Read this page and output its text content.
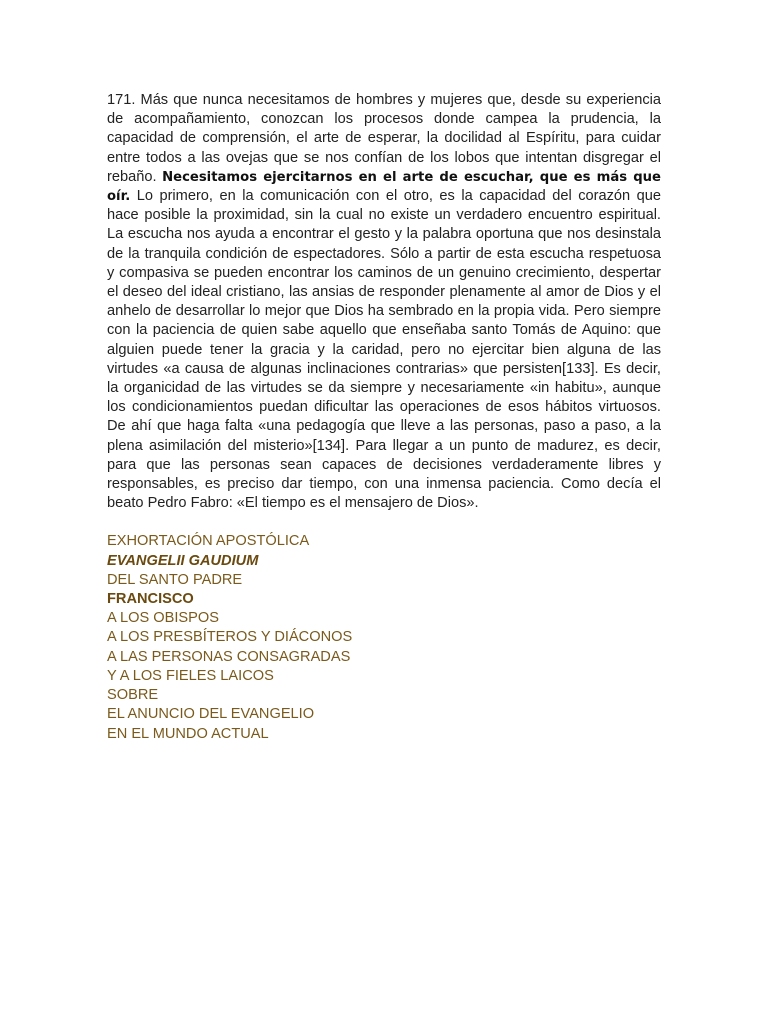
171. Más que nunca necesitamos de hombres y mujeres que, desde su experiencia de acompañamiento, conozcan los procesos donde campea la prudencia, la capacidad de comprensión, el arte de esperar, la docilidad al Espíritu, para cuidar entre todos a las ovejas que se nos confían de los lobos que intentan disgregar el rebaño. Necesitamos ejercitarnos en el arte de escuchar, que es más que oír. Lo primero, en la comunicación con el otro, es la capacidad del corazón que hace posible la proximidad, sin la cual no existe un verdadero encuentro espiritual. La escucha nos ayuda a encontrar el gesto y la palabra oportuna que nos desinstala de la tranquila condición de espectadores. Sólo a partir de esta escucha respetuosa y compasiva se pueden encontrar los caminos de un genuino crecimiento, despertar el deseo del ideal cristiano, las ansias de responder plenamente al amor de Dios y el anhelo de desarrollar lo mejor que Dios ha sembrado en la propia vida. Pero siempre con la paciencia de quien sabe aquello que enseñaba santo Tomás de Aquino: que alguien puede tener la gracia y la caridad, pero no ejercitar bien alguna de las virtudes «a causa de algunas inclinaciones contrarias» que persisten[133]. Es decir, la organicidad de las virtudes se da siempre y necesariamente «in habitu», aunque los condicionamientos puedan dificultar las operaciones de esos hábitos virtuosos. De ahí que haga falta «una pedagogía que lleve a las personas, paso a paso, a la plena asimilación del misterio»[134]. Para llegar a un punto de madurez, es decir, para que las personas sean capaces de decisiones verdaderamente libres y responsables, es preciso dar tiempo, con una inmensa paciencia. Como decía el beato Pedro Fabro: «El tiempo es el mensajero de Dios».

EXHORTACIÓN APOSTÓLICA
EVANGELII GAUDIUM
DEL SANTO PADRE
FRANCISCO
A LOS OBISPOS
A LOS PRESBÍTEROS Y DIÁCONOS
A LAS PERSONAS CONSAGRADAS
Y A LOS FIELES LAICOS
SOBRE
EL ANUNCIO DEL EVANGELIO
EN EL MUNDO ACTUAL
